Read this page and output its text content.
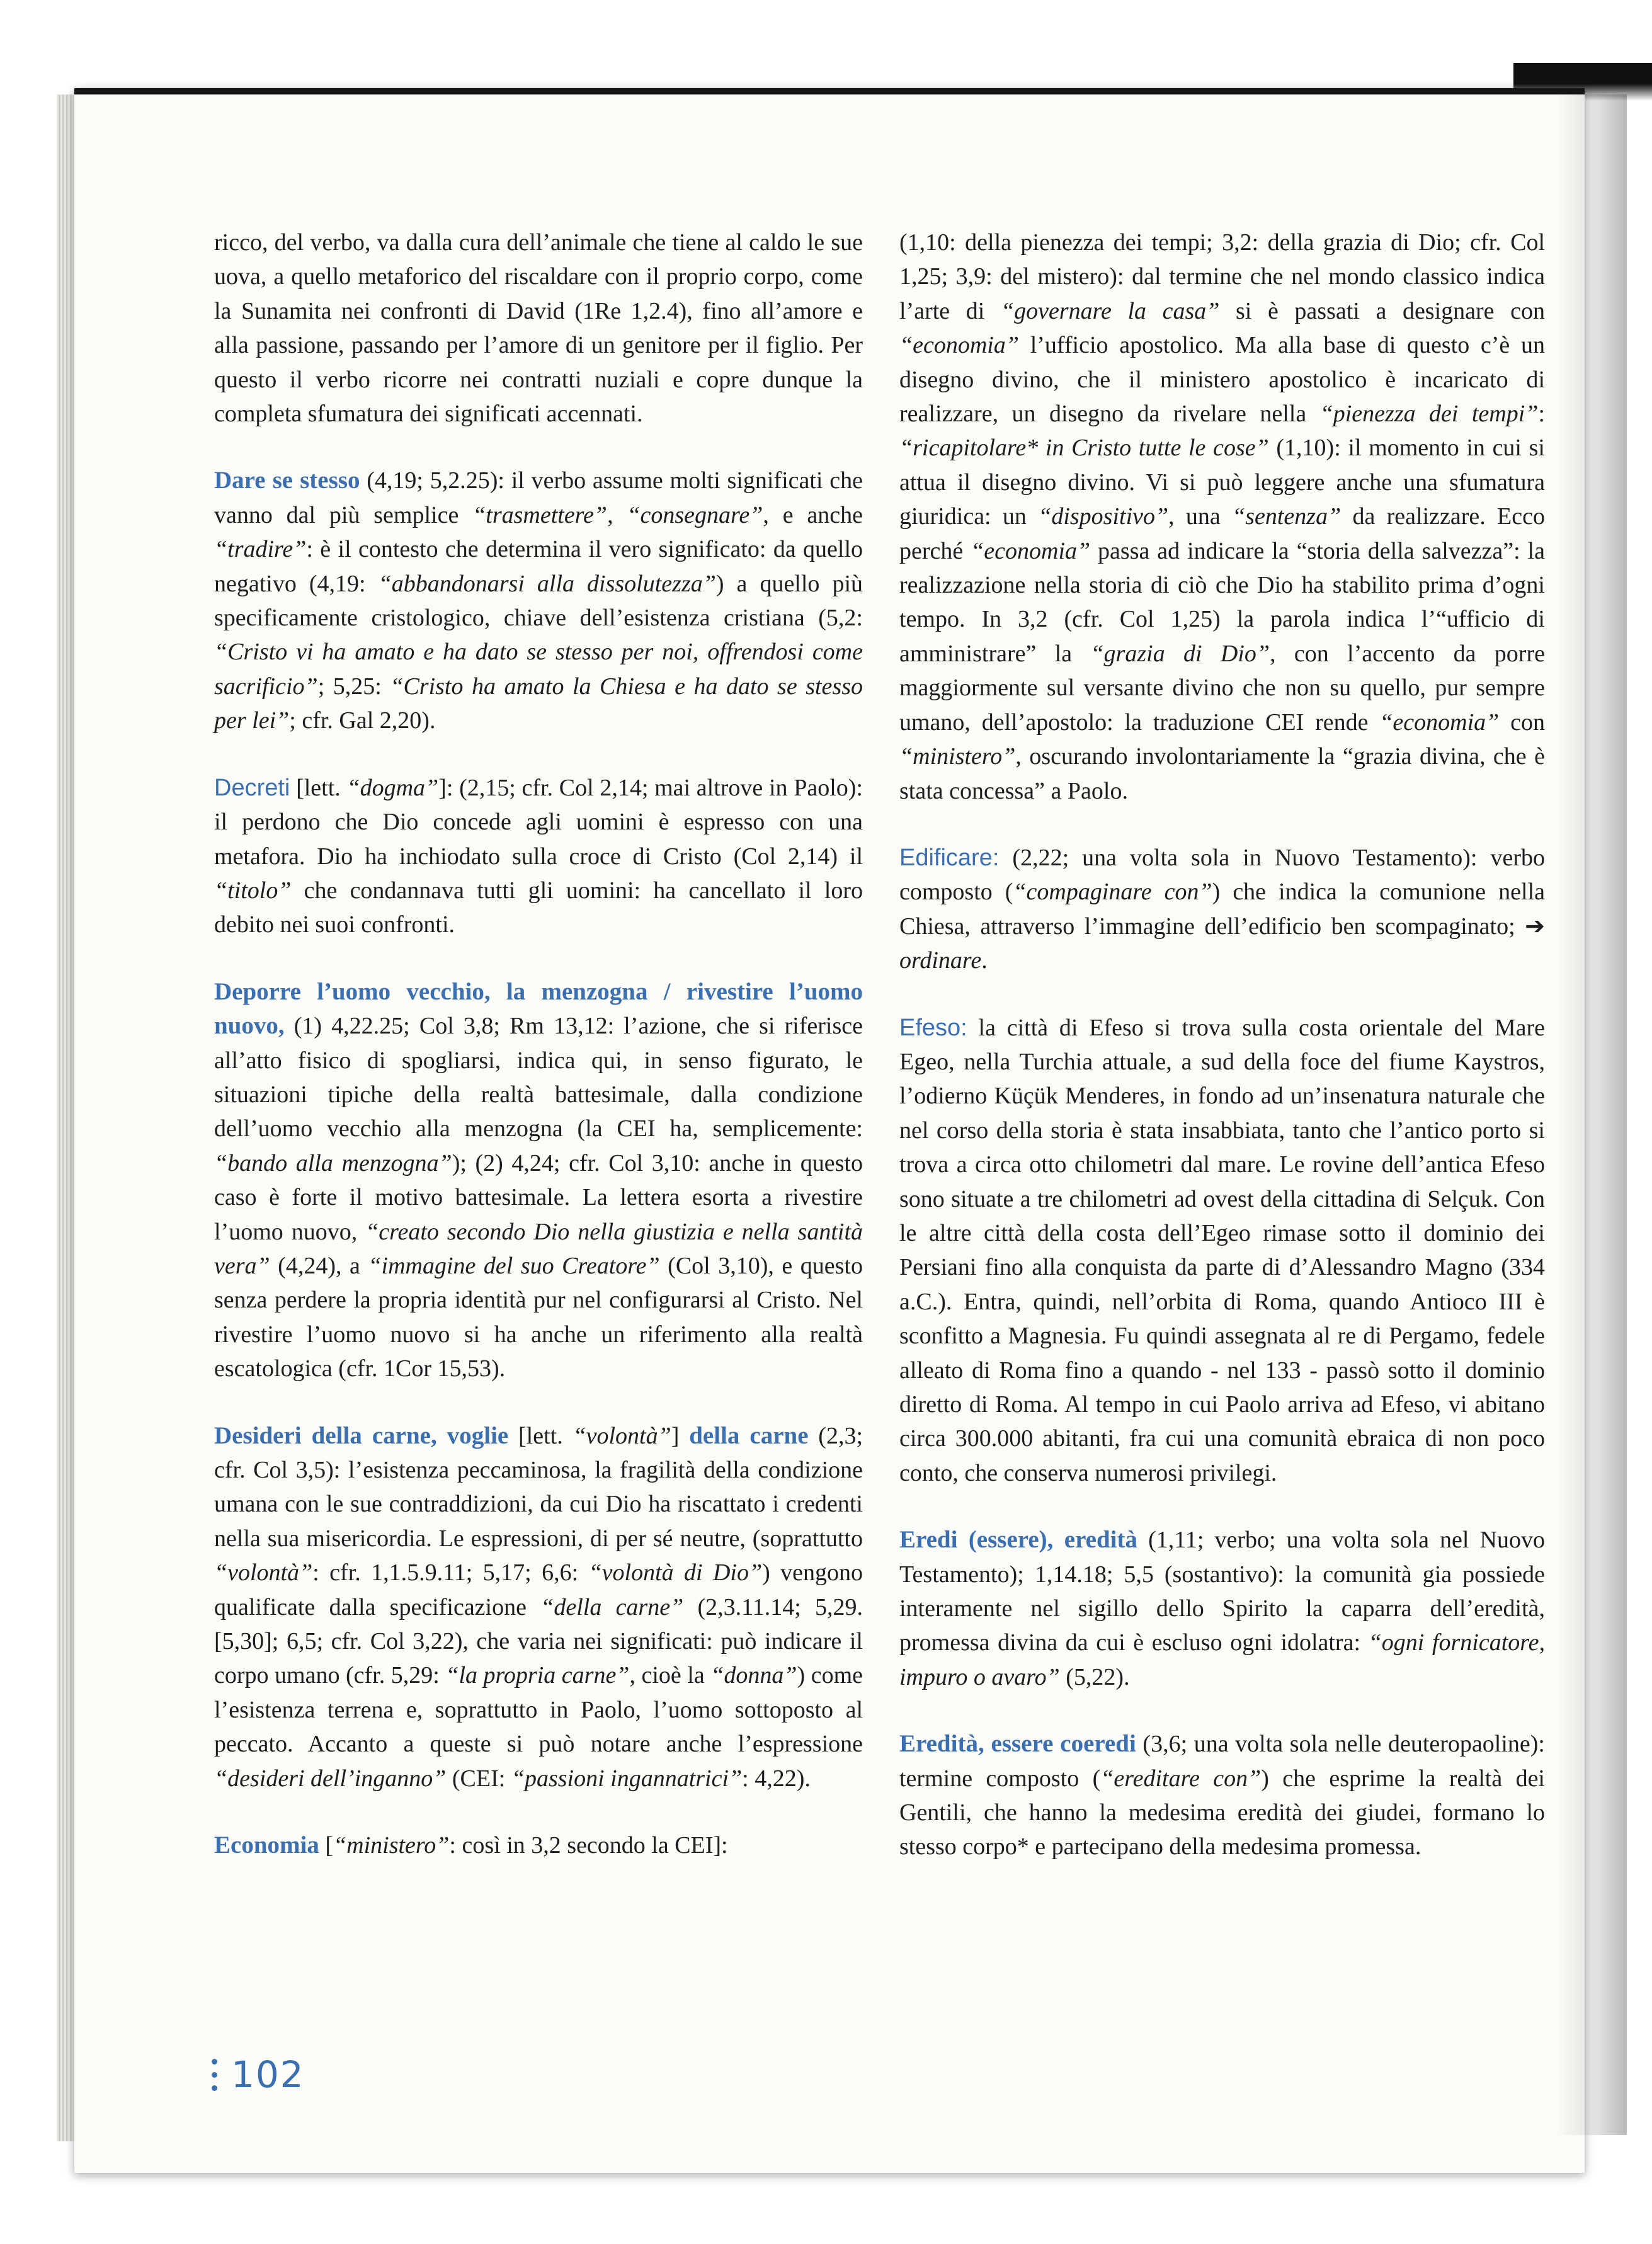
ricco, del verbo, va dalla cura dell’animale che tiene al caldo le sue uova, a quello metaforico del riscaldare con il proprio corpo, come la Sunamita nei confronti di David (1Re 1,2.4), fino all’amore e alla passione, passando per l’amore di un genitore per il figlio. Per questo il verbo ricorre nei contratti nuziali e copre dunque la completa sfumatura dei significati accennati.

Dare se stesso (4,19; 5,2.25): il verbo assume molti significati che vanno dal più semplice “trasmettere”, “consegnare”, e anche “tradire”: è il contesto che determina il vero significato: da quello negativo (4,19: “abbandonarsi alla dissolutezza”) a quello più specificamente cristologico, chiave dell’esistenza cristiana (5,2: “Cristo vi ha amato e ha dato se stesso per noi, offrendosi come sacrificio”; 5,25: “Cristo ha amato la Chiesa e ha dato se stesso per lei”; cfr. Gal 2,20).

Decreti [lett. “dogma”]: (2,15; cfr. Col 2,14; mai altrove in Paolo): il perdono che Dio concede agli uomini è espresso con una metafora. Dio ha inchiodato sulla croce di Cristo (Col 2,14) il “titolo” che condannava tutti gli uomini: ha cancellato il loro debito nei suoi confronti.

Deporre l’uomo vecchio, la menzogna / rivestire l’uomo nuovo, (1) 4,22.25; Col 3,8; Rm 13,12: l’azione, che si riferisce all’atto fisico di spogliarsi, indica qui, in senso figurato, le situazioni tipiche della realtà battesimale, dalla condizione dell’uomo vecchio alla menzogna (la CEI ha, semplicemente: “bando alla menzogna”); (2) 4,24; cfr. Col 3,10: anche in questo caso è forte il motivo battesimale. La lettera esorta a rivestire l’uomo nuovo, “creato secondo Dio nella giustizia e nella santità vera” (4,24), a “immagine del suo Creatore” (Col 3,10), e questo senza perdere la propria identità pur nel configurarsi al Cristo. Nel rivestire l’uomo nuovo si ha anche un riferimento alla realtà escatologica (cfr. 1Cor 15,53).

Desideri della carne, voglie [lett. “volontà”] della carne (2,3; cfr. Col 3,5): l’esistenza peccaminosa, la fragilità della condizione umana con le sue contraddizioni, da cui Dio ha riscattato i credenti nella sua misericordia. Le espressioni, di per sé neutre, (soprattutto “volontà”: cfr. 1,1.5.9.11; 5,17; 6,6: “volontà di Dio”) vengono qualificate dalla specificazione “della carne” (2,3.11.14; 5,29.[5,30]; 6,5; cfr. Col 3,22), che varia nei significati: può indicare il corpo umano (cfr. 5,29: “la propria carne”, cioè la “donna”) come l’esistenza terrena e, soprattutto in Paolo, l’uomo sottoposto al peccato. Accanto a queste si può notare anche l’espressione “desideri dell’inganno” (CEI: “passioni ingannatrici”: 4,22).

Economia [“ministero”: così in 3,2 secondo la CEI]:

(1,10: della pienezza dei tempi; 3,2: della grazia di Dio; cfr. Col 1,25; 3,9: del mistero): dal termine che nel mondo classico indica l’arte di “governare la casa” si è passati a designare con “economia” l’ufficio apostolico. Ma alla base di questo c’è un disegno divino, che il ministero apostolico è incaricato di realizzare, un disegno da rivelare nella “pienezza dei tempi”: “ricapitolare* in Cristo tutte le cose” (1,10): il momento in cui si attua il disegno divino. Vi si può leggere anche una sfumatura giuridica: un “dispositivo”, una “sentenza” da realizzare. Ecco perché “economia” passa ad indicare la “storia della salvezza”: la realizzazione nella storia di ciò che Dio ha stabilito prima d’ogni tempo. In 3,2 (cfr. Col 1,25) la parola indica l’“ufficio di amministrare” la “grazia di Dio”, con l’accento da porre maggiormente sul versante divino che non su quello, pur sempre umano, dell’apostolo: la traduzione CEI rende “economia” con “ministero”, oscurando involontariamente la “grazia divina, che è stata concessa” a Paolo.

Edificare: (2,22; una volta sola in Nuovo Testamento): verbo composto (“compaginare con”) che indica la comunione nella Chiesa, attraverso l’immagine dell’edificio ben scompaginato; ➔ ordinare.

Efeso: la città di Efeso si trova sulla costa orientale del Mare Egeo, nella Turchia attuale, a sud della foce del fiume Kaystros, l’odierno Küçük Menderes, in fondo ad un’insenatura naturale che nel corso della storia è stata insabbiata, tanto che l’antico porto si trova a circa otto chilometri dal mare. Le rovine dell’antica Efeso sono situate a tre chilometri ad ovest della cittadina di Selçuk. Con le altre città della costa dell’Egeo rimase sotto il dominio dei Persiani fino alla conquista da parte di d’Alessandro Magno (334 a.C.). Entra, quindi, nell’orbita di Roma, quando Antioco III è sconfitto a Magnesia. Fu quindi assegnata al re di Pergamo, fedele alleato di Roma fino a quando - nel 133 - passò sotto il dominio diretto di Roma. Al tempo in cui Paolo arriva ad Efeso, vi abitano circa 300.000 abitanti, fra cui una comunità ebraica di non poco conto, che conserva numerosi privilegi.

Eredi (essere), eredità (1,11; verbo; una volta sola nel Nuovo Testamento); 1,14.18; 5,5 (sostantivo): la comunità gia possiede interamente nel sigillo dello Spirito la caparra dell’eredità, promessa divina da cui è escluso ogni idolatra: “ogni fornicatore, impuro o avaro” (5,22).

Eredità, essere coeredi (3,6; una volta sola nelle deuteropaoline): termine composto (“ereditare con”) che esprime la realtà dei Gentili, che hanno la medesima eredità dei giudei, formano lo stesso corpo* e partecipano della medesima promessa.

102
